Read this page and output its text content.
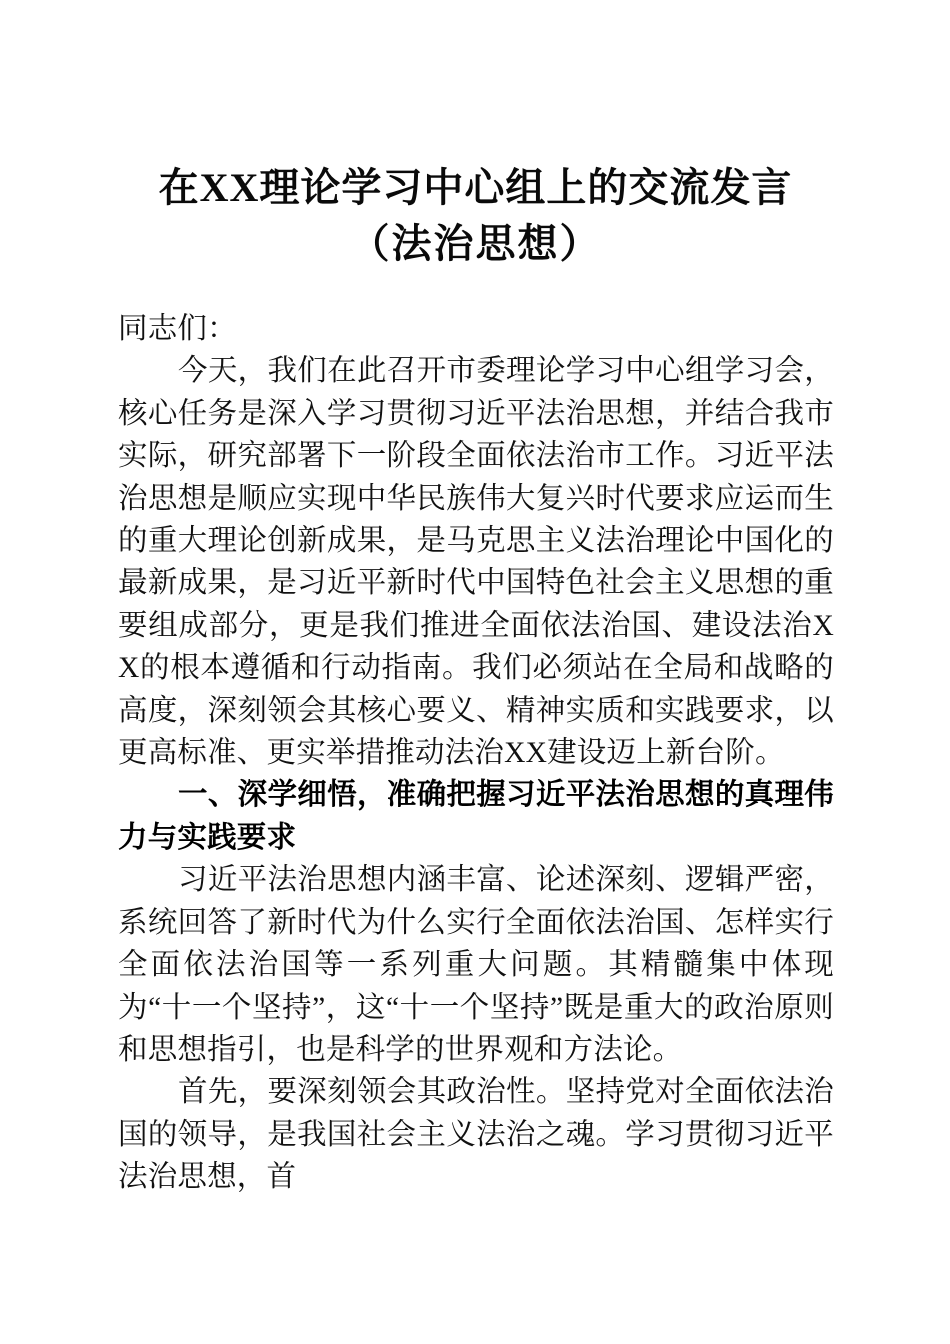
在XX理论学习中心组上的交流发言
（法治思想）

同志们：

今天，我们在此召开市委理论学习中心组学习会，核心任务是深入学习贯彻习近平法治思想，并结合我市实际，研究部署下一阶段全面依法治市工作。习近平法治思想是顺应实现中华民族伟大复兴时代要求应运而生的重大理论创新成果，是马克思主义法治理论中国化的最新成果，是习近平新时代中国特色社会主义思想的重要组成部分，更是我们推进全面依法治国、建设法治XX的根本遵循和行动指南。我们必须站在全局和战略的高度，深刻领会其核心要义、精神实质和实践要求，以更高标准、更实举措推动法治XX建设迈上新台阶。

一、深学细悟，准确把握习近平法治思想的真理伟力与实践要求

习近平法治思想内涵丰富、论述深刻、逻辑严密，系统回答了新时代为什么实行全面依法治国、怎样实行全面依法治国等一系列重大问题。其精髓集中体现为“十一个坚持”，这“十一个坚持”既是重大的政治原则和思想指引，也是科学的世界观和方法论。

首先，要深刻领会其政治性。坚持党对全面依法治国的领导，是我国社会主义法治之魂。学习贯彻习近平法治思想，首
